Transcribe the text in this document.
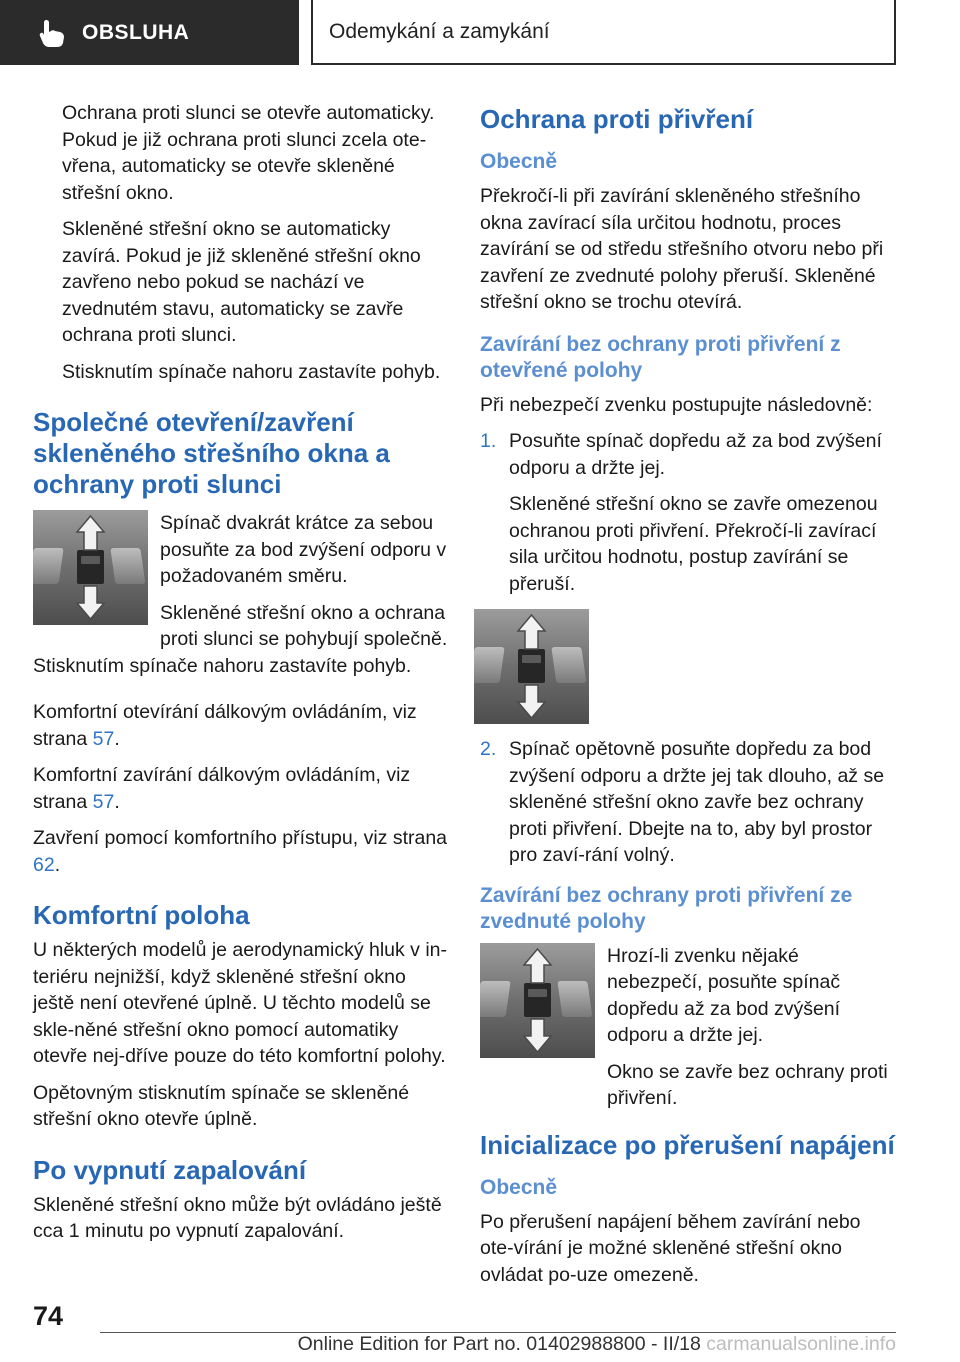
OBSLUHA	Odemykání a zamykání

Ochrana proti slunci se otevře automaticky. Pokud je již ochrana proti slunci zcela ote‐vřena, automaticky se otevře skleněné střešní okno.

Skleněné střešní okno se automaticky zavírá. Pokud je již skleněné střešní okno zavřeno nebo pokud se nachází ve zvednutém stavu, automaticky se zavře ochrana proti slunci.

Stisknutím spínače nahoru zastavíte pohyb.

Společné otevření/zavření skleněného střešního okna a ochrany proti slunci

Spínač dvakrát krátce za sebou posuňte za bod zvýšení odporu v požadovaném směru.

Skleněné střešní okno a ochrana proti slunci se pohybují společně.

Stisknutím spínače nahoru zastavíte pohyb.

Komfortní otevírání dálkovým ovládáním, viz strana 57.

Komfortní zavírání dálkovým ovládáním, viz strana 57.

Zavření pomocí komfortního přístupu, viz strana 62.

Komfortní poloha

U některých modelů je aerodynamický hluk v in‐teriéru nejnižší, když skleněné střešní okno ještě není otevřené úplně. U těchto modelů se skle‐něné střešní okno pomocí automatiky otevře nej‐dříve pouze do této komfortní polohy.

Opětovným stisknutím spínače se skleněné střešní okno otevře úplně.

Po vypnutí zapalování

Skleněné střešní okno může být ovládáno ještě cca 1 minutu po vypnutí zapalování.

Ochrana proti přivření
Obecně

Překročí-li při zavírání skleněného střešního okna zavírací síla určitou hodnotu, proces zavírání se od středu střešního otvoru nebo při zavření ze zvednuté polohy přeruší. Skleněné střešní okno se trochu otevírá.

Zavírání bez ochrany proti přivření z otevřené polohy

Při nebezpečí zvenku postupujte následovně:

1. Posuňte spínač dopředu až za bod zvýšení odporu a držte jej.

Skleněné střešní okno se zavře omezenou ochranou proti přivření. Překročí-li zavírací sila určitou hodnotu, postup zavírání se přeruší.

2. Spínač opětovně posuňte dopředu za bod zvýšení odporu a držte jej tak dlouho, až se skleněné střešní okno zavře bez ochrany proti přivření. Dbejte na to, aby byl prostor pro zaví‐rání volný.

Zavírání bez ochrany proti přivření ze zvednuté polohy

Hrozí-li zvenku nějaké nebezpečí, posuňte spínač dopředu až za bod zvýšení odporu a držte jej.

Okno se zavře bez ochrany proti přivření.

Inicializace po přerušení napájení
Obecně

Po přerušení napájení během zavírání nebo ote‐vírání je možné skleněné střešní okno ovládat po‐uze omezeně.

74
Online Edition for Part no. 01402988800 - II/18 carmanualsonline.info
